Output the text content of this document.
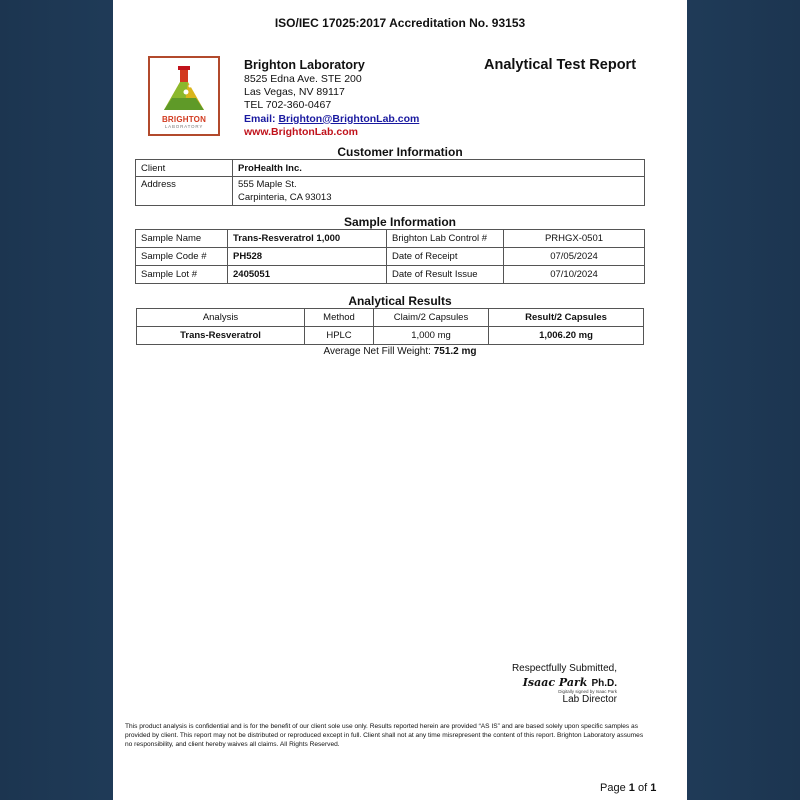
ISO/IEC 17025:2017 Accreditation No. 93153
BRIGHTON
LABORATORY
Brighton Laboratory
8525 Edna Ave. STE 200
Las Vegas, NV 89117
TEL 702-360-0467
Email: Brighton@BrightonLab.com
www.BrightonLab.com
Analytical Test Report
Customer Information
Client	ProHealth Inc.
Address	555 Maple St.
Carpinteria, CA 93013
Sample Information
Sample Name	Trans-Resveratrol 1,000	Brighton Lab Control #	PRHGX-0501
Sample Code #	PH528	Date of Receipt	07/05/2024
Sample Lot #	2405051	Date of Result Issue	07/10/2024
Analytical Results
Analysis	Method	Claim/2 Capsules	Result/2 Capsules
Trans-Resveratrol	HPLC	1,000 mg	1,006.20 mg
Average Net Fill Weight: 751.2 mg
Respectfully Submitted,
Isaac Park Ph.D.
Digitally signed by Isaac Park
Lab Director
This product analysis is confidential and is for the benefit of our client sole use only. Results reported herein are provided “AS IS” and are based solely upon specific samples as provided by client. This report may not be distributed or reproduced except in full. Client shall not at any time misrepresent the content of this report. Brighton Laboratory assumes no responsibility, and client hereby waives all claims. All Rights Reserved.
Page 1 of 1
